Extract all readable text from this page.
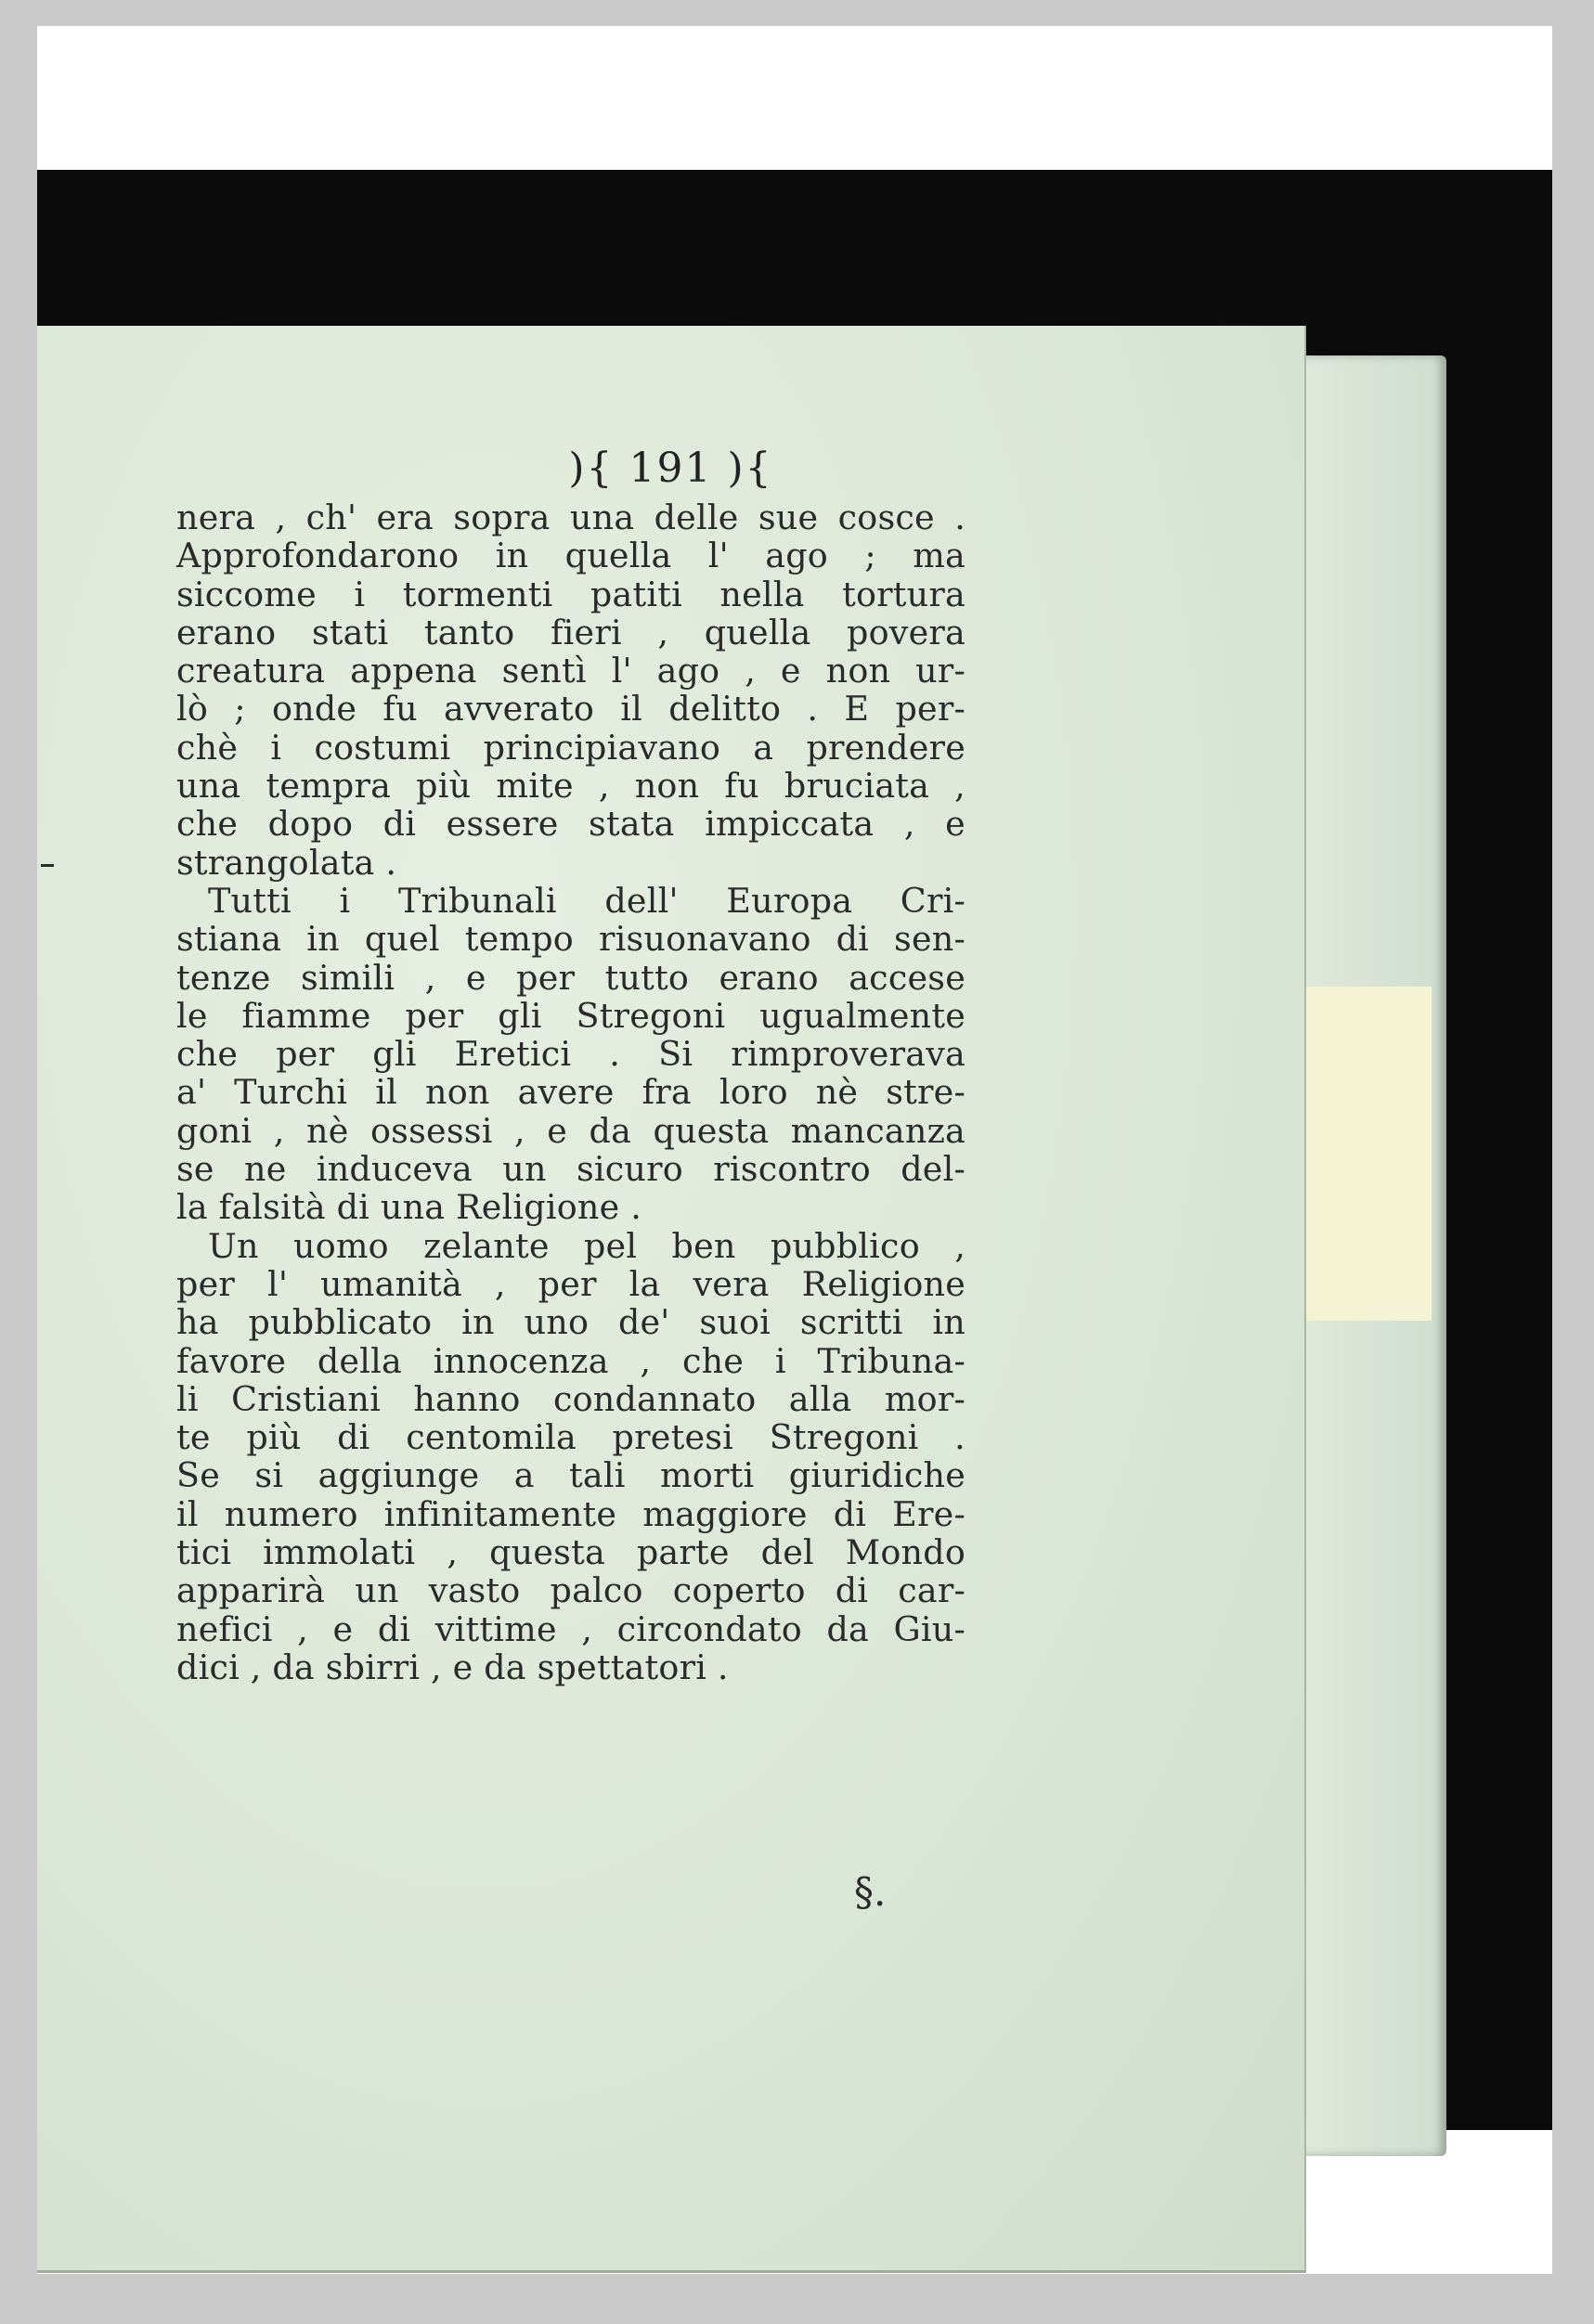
){ 191 ){
nera , ch' era sopra una delle sue cosce .
Approfondarono in quella l' ago ; ma
siccome i tormenti patiti nella tortura
erano stati tanto fieri , quella povera
creatura appena sentì l' ago , e non ur-
lò ; onde fu avverato il delitto . E per-
chè i costumi principiavano a prendere
una tempra più mite , non fu bruciata ,
che dopo di essere stata impiccata , e
strangolata .
Tutti i Tribunali dell' Europa Cri-
stiana in quel tempo risuonavano di sen-
tenze simili , e per tutto erano accese
le fiamme per gli Stregoni ugualmente
che per gli Eretici . Si rimproverava
a' Turchi il non avere fra loro nè stre-
goni , nè ossessi , e da questa mancanza
se ne induceva un sicuro riscontro del-
la falsità di una Religione .
Un uomo zelante pel ben pubblico ,
per l' umanità , per la vera Religione
ha pubblicato in uno de' suoi scritti in
favore della innocenza , che i Tribuna-
li Cristiani hanno condannato alla mor-
te più di centomila pretesi Stregoni .
Se si aggiunge a tali morti giuridiche
il numero infinitamente maggiore di Ere-
tici immolati , questa parte del Mondo
apparirà un vasto palco coperto di car-
nefici , e di vittime , circondato da Giu-
dici , da sbirri , e da spettatori .
§.
